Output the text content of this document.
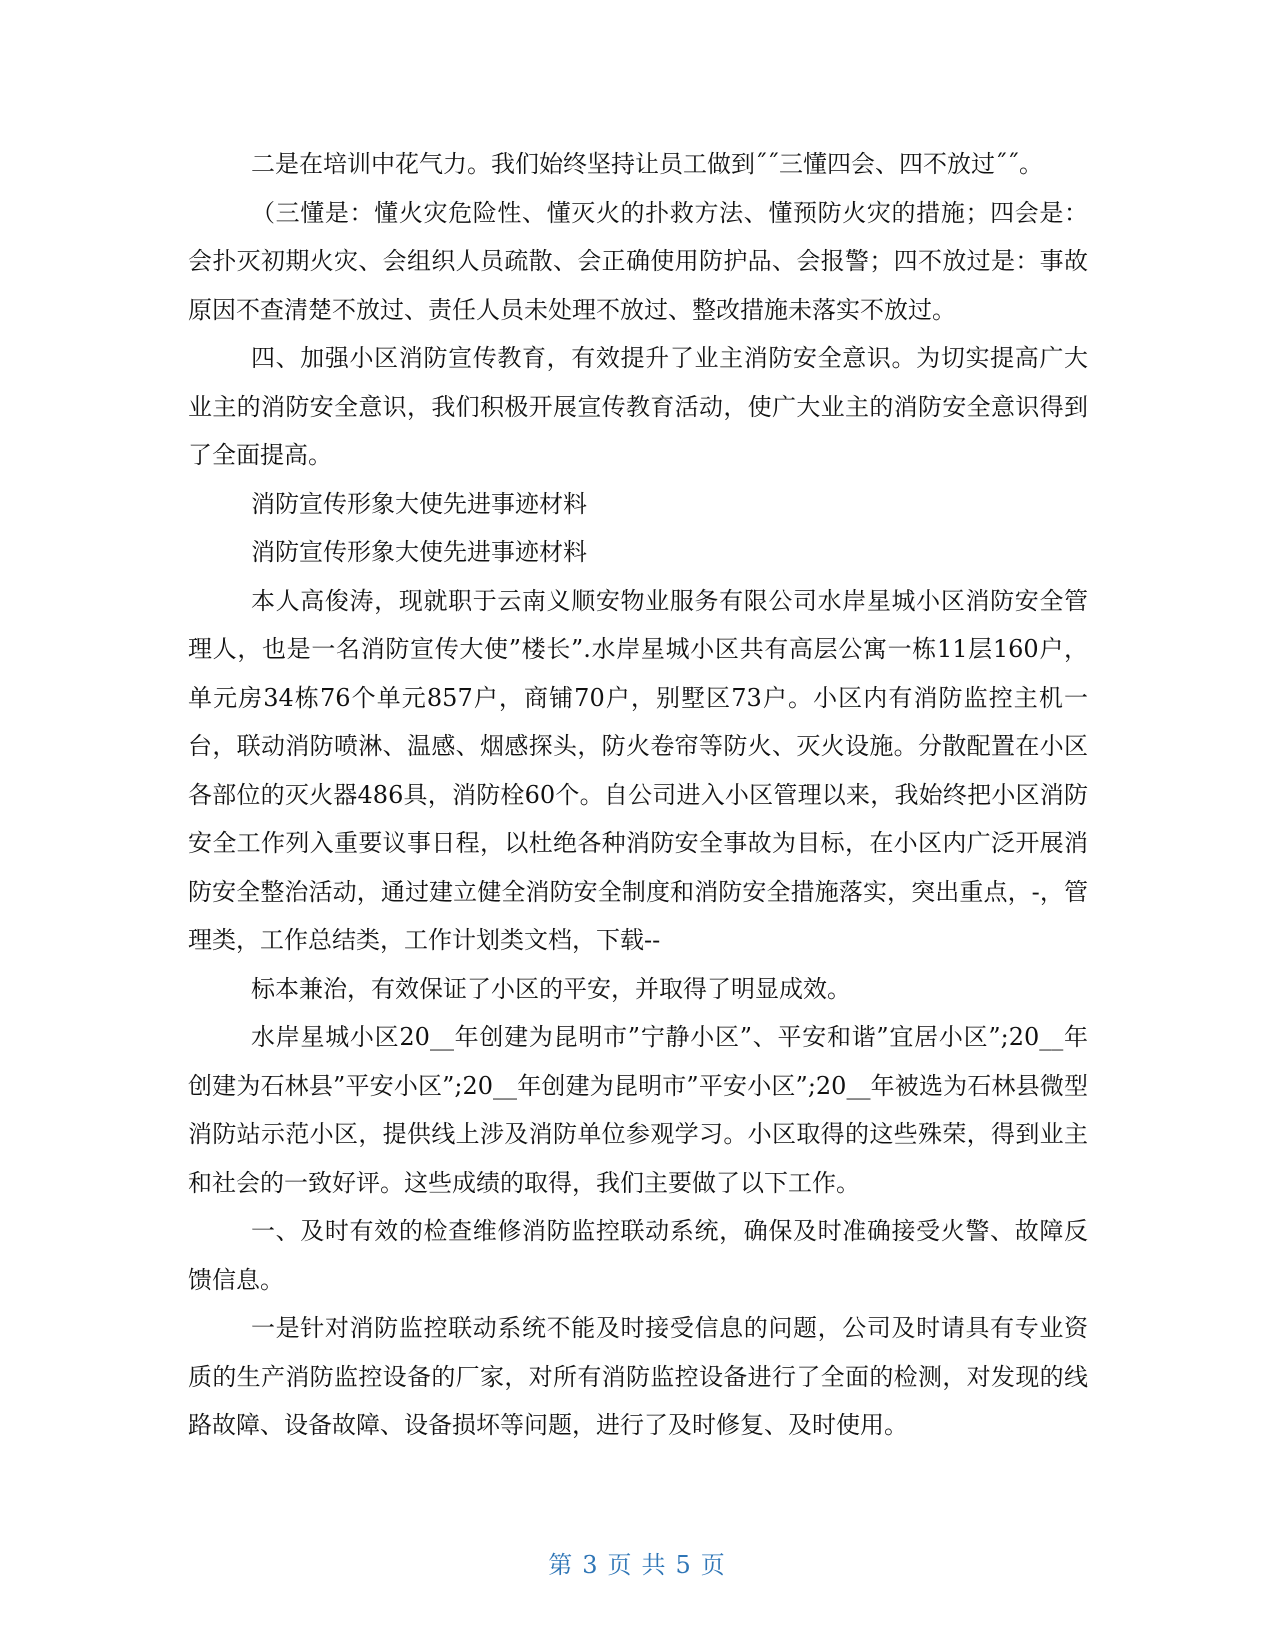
二是在培训中花气力。我们始终坚持让员工做到˝˝三懂四会、四不放过˝˝。

（三懂是：懂火灾危险性、懂灭火的扑救方法、懂预防火灾的措施；四会是：会扑灭初期火灾、会组织人员疏散、会正确使用防护品、会报警；四不放过是：事故原因不查清楚不放过、责任人员未处理不放过、整改措施未落实不放过。

四、加强小区消防宣传教育，有效提升了业主消防安全意识。为切实提高广大业主的消防安全意识，我们积极开展宣传教育活动，使广大业主的消防安全意识得到了全面提高。

消防宣传形象大使先进事迹材料

消防宣传形象大使先进事迹材料

本人高俊涛，现就职于云南义顺安物业服务有限公司水岸星城小区消防安全管理人，也是一名消防宣传大使”楼长”.水岸星城小区共有高层公寓一栋11层160户，单元房34栋76个单元857户，商铺70户，别墅区73户。小区内有消防监控主机一台，联动消防喷淋、温感、烟感探头，防火卷帘等防火、灭火设施。分散配置在小区各部位的灭火器486具，消防栓60个。自公司进入小区管理以来，我始终把小区消防安全工作列入重要议事日程，以杜绝各种消防安全事故为目标，在小区内广泛开展消防安全整治活动，通过建立健全消防安全制度和消防安全措施落实，突出重点，-，管理类，工作总结类，工作计划类文档，下载--

标本兼治，有效保证了小区的平安，并取得了明显成效。

水岸星城小区20__年创建为昆明市”宁静小区”、平安和谐”宜居小区”;20__年创建为石林县”平安小区”;20__年创建为昆明市”平安小区”;20__年被选为石林县微型消防站示范小区，提供线上涉及消防单位参观学习。小区取得的这些殊荣，得到业主和社会的一致好评。这些成绩的取得，我们主要做了以下工作。

一、及时有效的检查维修消防监控联动系统，确保及时准确接受火警、故障反馈信息。

一是针对消防监控联动系统不能及时接受信息的问题，公司及时请具有专业资质的生产消防监控设备的厂家，对所有消防监控设备进行了全面的检测，对发现的线路故障、设备故障、设备损坏等问题，进行了及时修复、及时使用。

第 3 页 共 5 页
